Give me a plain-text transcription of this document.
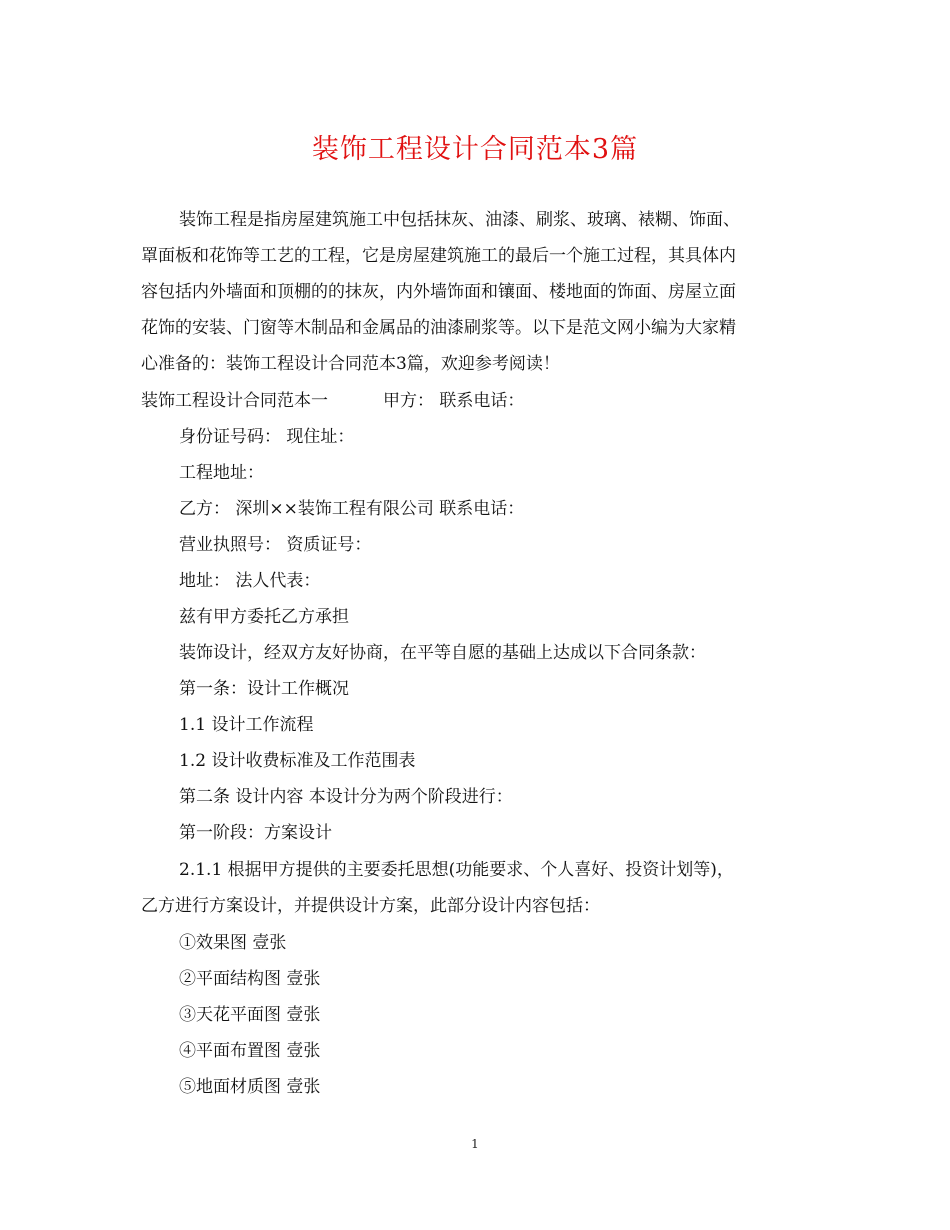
装饰工程设计合同范本3篇
装饰工程是指房屋建筑施工中包括抹灰、油漆、刷浆、玻璃、裱糊、饰面、
罩面板和花饰等工艺的工程，它是房屋建筑施工的最后一个施工过程，其具体内
容包括内外墙面和顶棚的的抹灰，内外墙饰面和镶面、楼地面的饰面、房屋立面
花饰的安装、门窗等木制品和金属品的油漆刷浆等。以下是范文网小编为大家精
心准备的：装饰工程设计合同范本3篇，欢迎参考阅读！
装饰工程设计合同范本一	甲方： 联系电话：
身份证号码： 现住址：
工程地址：
乙方： 深圳××装饰工程有限公司 联系电话：
营业执照号： 资质证号：
地址： 法人代表：
兹有甲方委托乙方承担
装饰设计，经双方友好协商，在平等自愿的基础上达成以下合同条款：
第一条：设计工作概况
1.1 设计工作流程
1.2 设计收费标准及工作范围表
第二条 设计内容 本设计分为两个阶段进行：
第一阶段：方案设计
2.1.1 根据甲方提供的主要委托思想(功能要求、个人喜好、投资计划等)，
乙方进行方案设计，并提供设计方案，此部分设计内容包括：
①效果图 壹张
②平面结构图 壹张
③天花平面图 壹张
④平面布置图 壹张
⑤地面材质图 壹张
1
